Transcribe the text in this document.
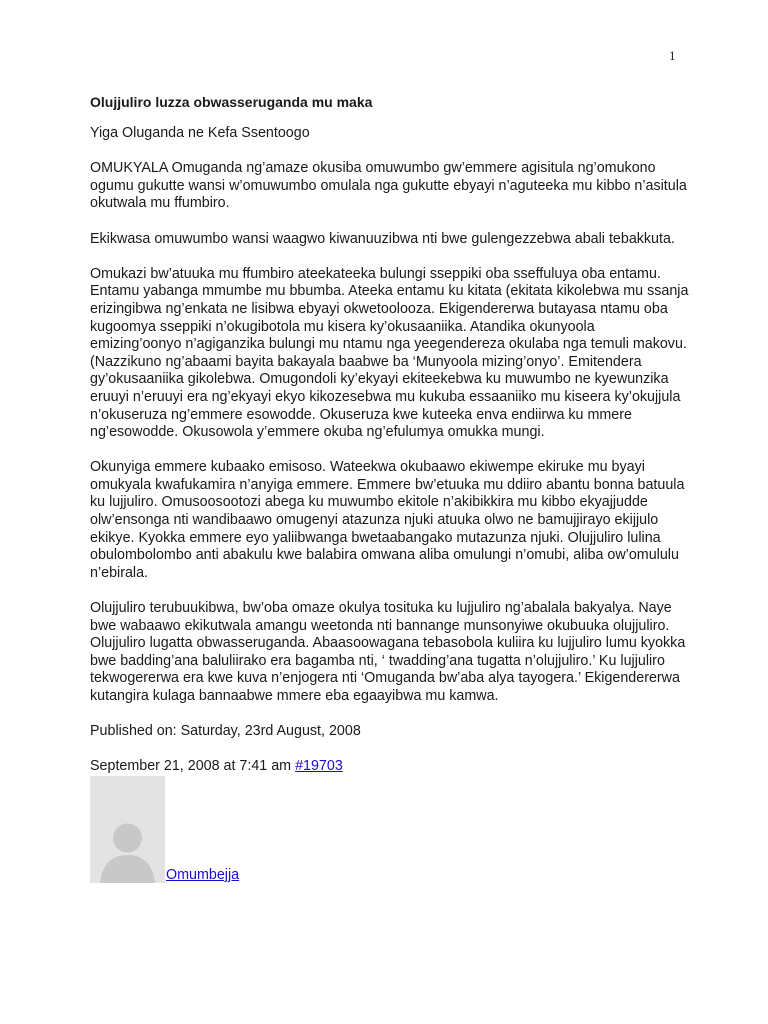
1

Olujjuliro luzza obwasseruganda mu maka

Yiga Oluganda ne Kefa Ssentoogo

OMUKYALA Omuganda ng’amaze okusiba omuwumbo gw’emmere agisitula ng’omukono ogumu gukutte wansi w’omuwumbo omulala nga gukutte ebyayi n’aguteeka mu kibbo n’asitula okutwala mu ffumbiro.

Ekikwasa omuwumbo wansi waagwo kiwanuuzibwa nti bwe gulengezzebwa abali tebakkuta.

Omukazi bw’atuuka mu ffumbiro ateekateeka bulungi sseppiki oba sseffuluya oba entamu. Entamu yabanga mmumbe mu bbumba. Ateeka entamu ku kitata (ekitata kikolebwa mu ssanja erizingibwa ng’enkata ne lisibwa ebyayi okwetoolooza. Ekigendererwa butayasa ntamu oba kugoomya sseppiki n’okugibotola mu kisera ky’okusaaniika. Atandika okunyoola emizing’oonyo n’agiganzika bulungi mu ntamu nga yeegendereza okulaba nga temuli makovu. (Nazzikuno ng’abaami bayita bakayala baabwe ba ‘Munyoola mizing’onyo’. Emitendera gy’okusaaniika gikolebwa. Omugondoli ky’ekyayi ekiteekebwa ku muwumbo ne kyewunzika eruuyi n’eruuyi era ng’ekyayi ekyo kikozesebwa mu kukuba essaaniiko mu kiseera ky’okujjula n’okuseruza ng’emmere esowodde. Okuseruza kwe kuteeka enva endiirwa ku mmere ng’esowodde. Okusowola y’emmere okuba ng’efulumya omukka mungi.

Okunyiga emmere kubaako emisoso. Wateekwa okubaawo ekiwempe ekiruke mu byayi omukyala kwafukamira n’anyiga emmere. Emmere bw’etuuka mu ddiiro abantu bonna batuula ku lujjuliro. Omusoosootozi abega ku muwumbo ekitole n’akibikkira mu kibbo ekyajjudde olw’ensonga nti wandibaawo omugenyi atazunza njuki atuuka olwo ne bamujjirayo ekijjulo ekikye. Kyokka emmere eyo yaliibwanga bwetaabangako mutazunza njuki. Olujjuliro lulina obulombolombo anti abakulu kwe balabira omwana aliba omulungi n’omubi, aliba ow’omululu n’ebirala.

Olujjuliro terubuukibwa, bw’oba omaze okulya tosituka ku lujjuliro ng’abalala bakyalya. Naye bwe wabaawo ekikutwala amangu weetonda nti bannange munsonyiwe okubuuka olujjuliro. Olujjuliro lugatta obwasseruganda. Abaasoowagana tebasobola kuliira ku lujjuliro lumu kyokka bwe badding’ana baluliirako era bagamba nti, ‘ twadding’ana tugatta n’olujjuliro.’ Ku lujjuliro tekwogererwa era kwe kuva n’enjogera nti ‘Omuganda bw’aba alya tayogera.’ Ekigendererwa kutangira kulaga bannaabwe mmere eba egaayibwa mu kamwa.

Published on: Saturday, 23rd August, 2008

September 21, 2008 at 7:41 am #19703

Omumbejja
